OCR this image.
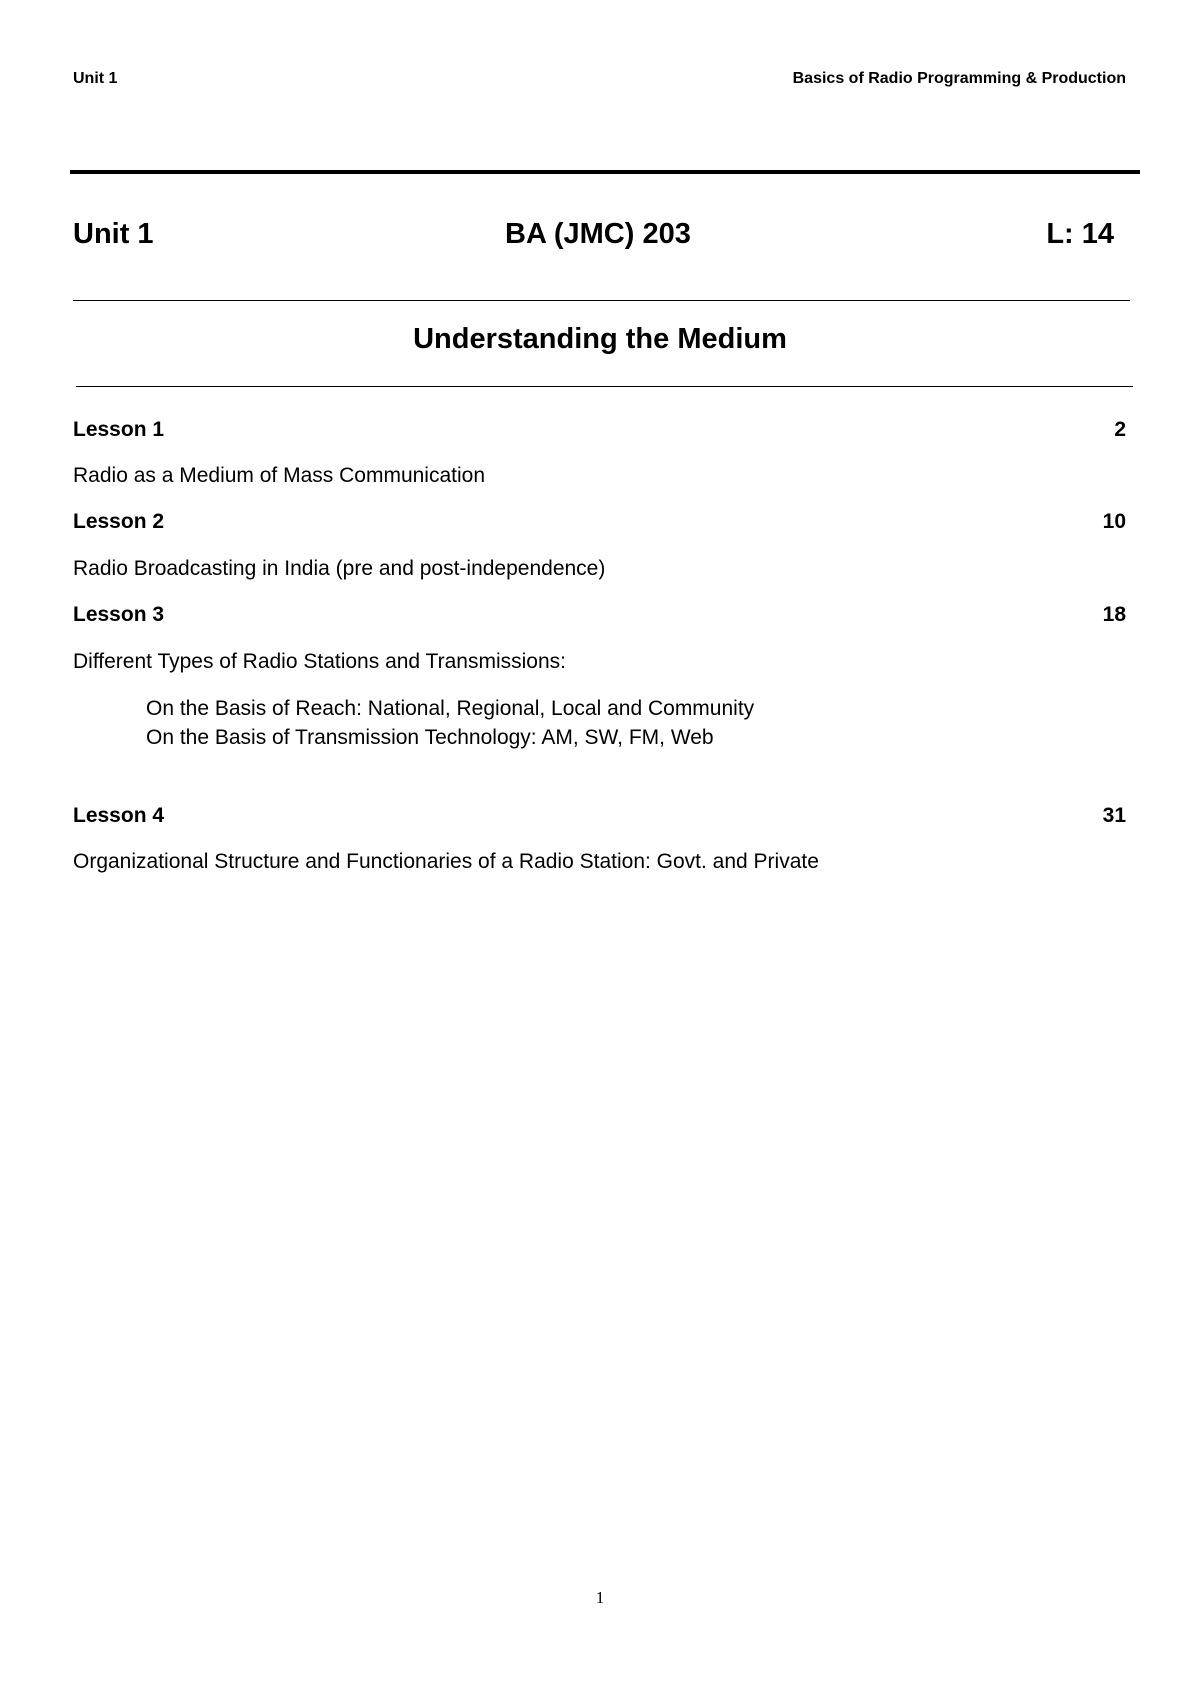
Unit 1	Basics of Radio Programming & Production
Unit 1	BA (JMC) 203	L: 14
Understanding the Medium
Lesson 1	2
Radio as a Medium of Mass Communication
Lesson 2	10
Radio Broadcasting in India (pre and post-independence)
Lesson 3	18
Different Types of Radio Stations and Transmissions:
On the Basis of Reach: National, Regional, Local and Community
On the Basis of Transmission Technology: AM, SW, FM, Web
Lesson 4	31
Organizational Structure and Functionaries of a Radio Station: Govt. and Private
1
